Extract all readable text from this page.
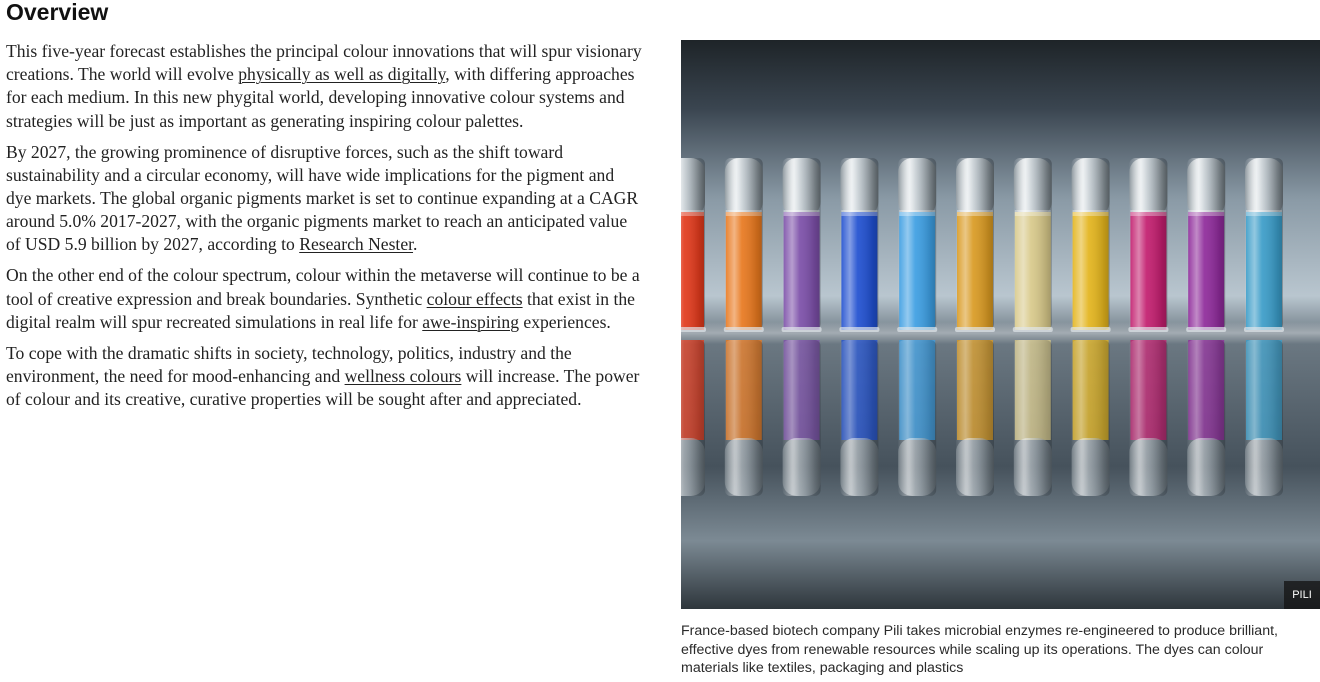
Overview

This five-year forecast establishes the principal colour innovations that will spur visionary creations. The world will evolve physically as well as digitally, with differing approaches for each medium. In this new phygital world, developing innovative colour systems and strategies will be just as important as generating inspiring colour palettes.

By 2027, the growing prominence of disruptive forces, such as the shift toward sustainability and a circular economy, will have wide implications for the pigment and dye markets. The global organic pigments market is set to continue expanding at a CAGR around 5.0% 2017-2027, with the organic pigments market to reach an anticipated value of USD 5.9 billion by 2027, according to Research Nester.

On the other end of the colour spectrum, colour within the metaverse will continue to be a tool of creative expression and break boundaries. Synthetic colour effects that exist in the digital realm will spur recreated simulations in real life for awe-inspiring experiences.

To cope with the dramatic shifts in society, technology, politics, industry and the environment, the need for mood-enhancing and wellness colours will increase. The power of colour and its creative, curative properties will be sought after and appreciated.

PILI

France-based biotech company Pili takes microbial enzymes re-engineered to produce brilliant, effective dyes from renewable resources while scaling up its operations. The dyes can colour materials like textiles, packaging and plastics
